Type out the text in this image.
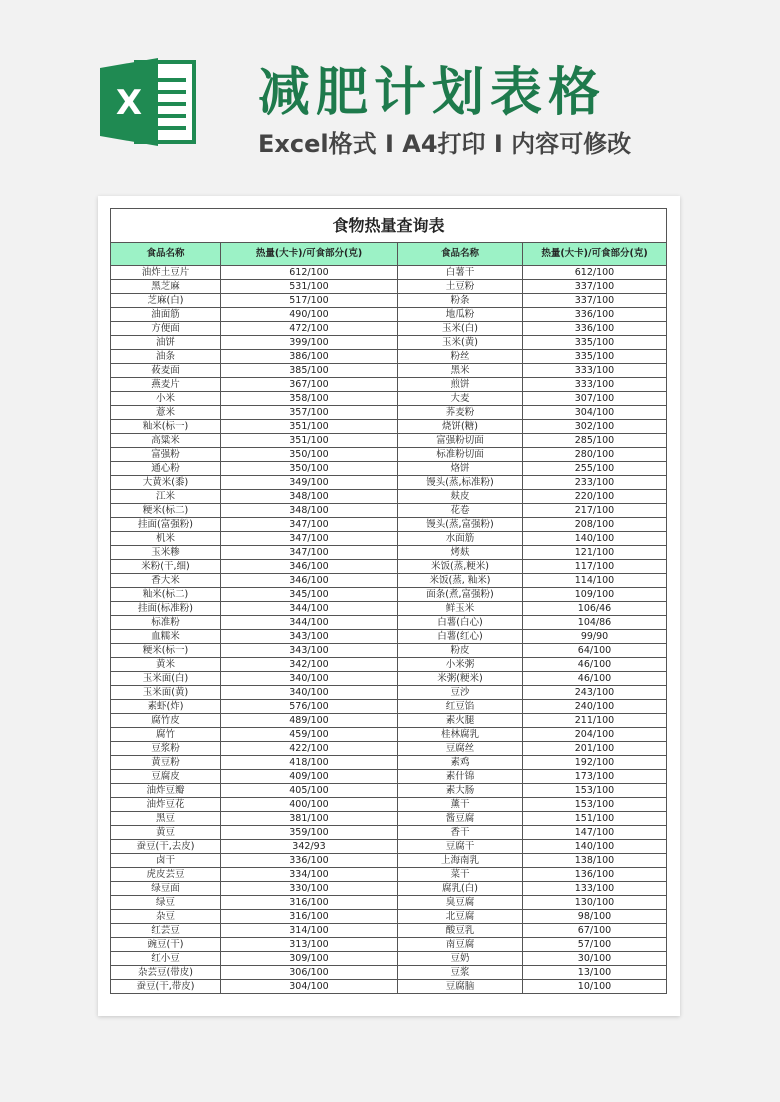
X 减肥计划表格
Excel格式 I A4打印 I 内容可修改
食物热量查询表			
食品名称	热量(大卡)/可食部分(克)	食品名称	热量(大卡)/可食部分(克)
油炸土豆片	612/100	白薯干	612/100
黑芝麻	531/100	土豆粉	337/100
芝麻(白)	517/100	粉条	337/100
油面筋	490/100	地瓜粉	336/100
方便面	472/100	玉米(白)	336/100
油饼	399/100	玉米(黄)	335/100
油条	386/100	粉丝	335/100
莜麦面	385/100	黑米	333/100
燕麦片	367/100	煎饼	333/100
小米	358/100	大麦	307/100
薏米	357/100	荞麦粉	304/100
籼米(标一)	351/100	烧饼(糖)	302/100
高粱米	351/100	富强粉切面	285/100
富强粉	350/100	标准粉切面	280/100
通心粉	350/100	烙饼	255/100
大黄米(黍)	349/100	馒头(蒸,标准粉)	233/100
江米	348/100	麸皮	220/100
粳米(标二)	348/100	花卷	217/100
挂面(富强粉)	347/100	馒头(蒸,富强粉)	208/100
机米	347/100	水面筋	140/100
玉米糁	347/100	烤麸	121/100
米粉(干,细)	346/100	米饭(蒸,粳米)	117/100
香大米	346/100	米饭(蒸, 籼米)	114/100
籼米(标二)	345/100	面条(煮,富强粉)	109/100
挂面(标准粉)	344/100	鲜玉米	106/46
标准粉	344/100	白薯(白心)	104/86
血糯米	343/100	白薯(红心)	99/90
粳米(标一)	343/100	粉皮	64/100
黄米	342/100	小米粥	46/100
玉米面(白)	340/100	米粥(粳米)	46/100
玉米面(黄)	340/100	豆沙	243/100
素虾(炸)	576/100	红豆馅	240/100
腐竹皮	489/100	素火腿	211/100
腐竹	459/100	桂林腐乳	204/100
豆浆粉	422/100	豆腐丝	201/100
黄豆粉	418/100	素鸡	192/100
豆腐皮	409/100	素什锦	173/100
油炸豆瓣	405/100	素大肠	153/100
油炸豆花	400/100	薰干	153/100
黑豆	381/100	酱豆腐	151/100
黄豆	359/100	香干	147/100
蚕豆(干,去皮)	342/93	豆腐干	140/100
卤干	336/100	上海南乳	138/100
虎皮芸豆	334/100	菜干	136/100
绿豆面	330/100	腐乳(白)	133/100
绿豆	316/100	臭豆腐	130/100
杂豆	316/100	北豆腐	98/100
红芸豆	314/100	酸豆乳	67/100
豌豆(干)	313/100	南豆腐	57/100
红小豆	309/100	豆奶	30/100
杂芸豆(带皮)	306/100	豆浆	13/100
蚕豆(干,带皮)	304/100	豆腐脑	10/100
